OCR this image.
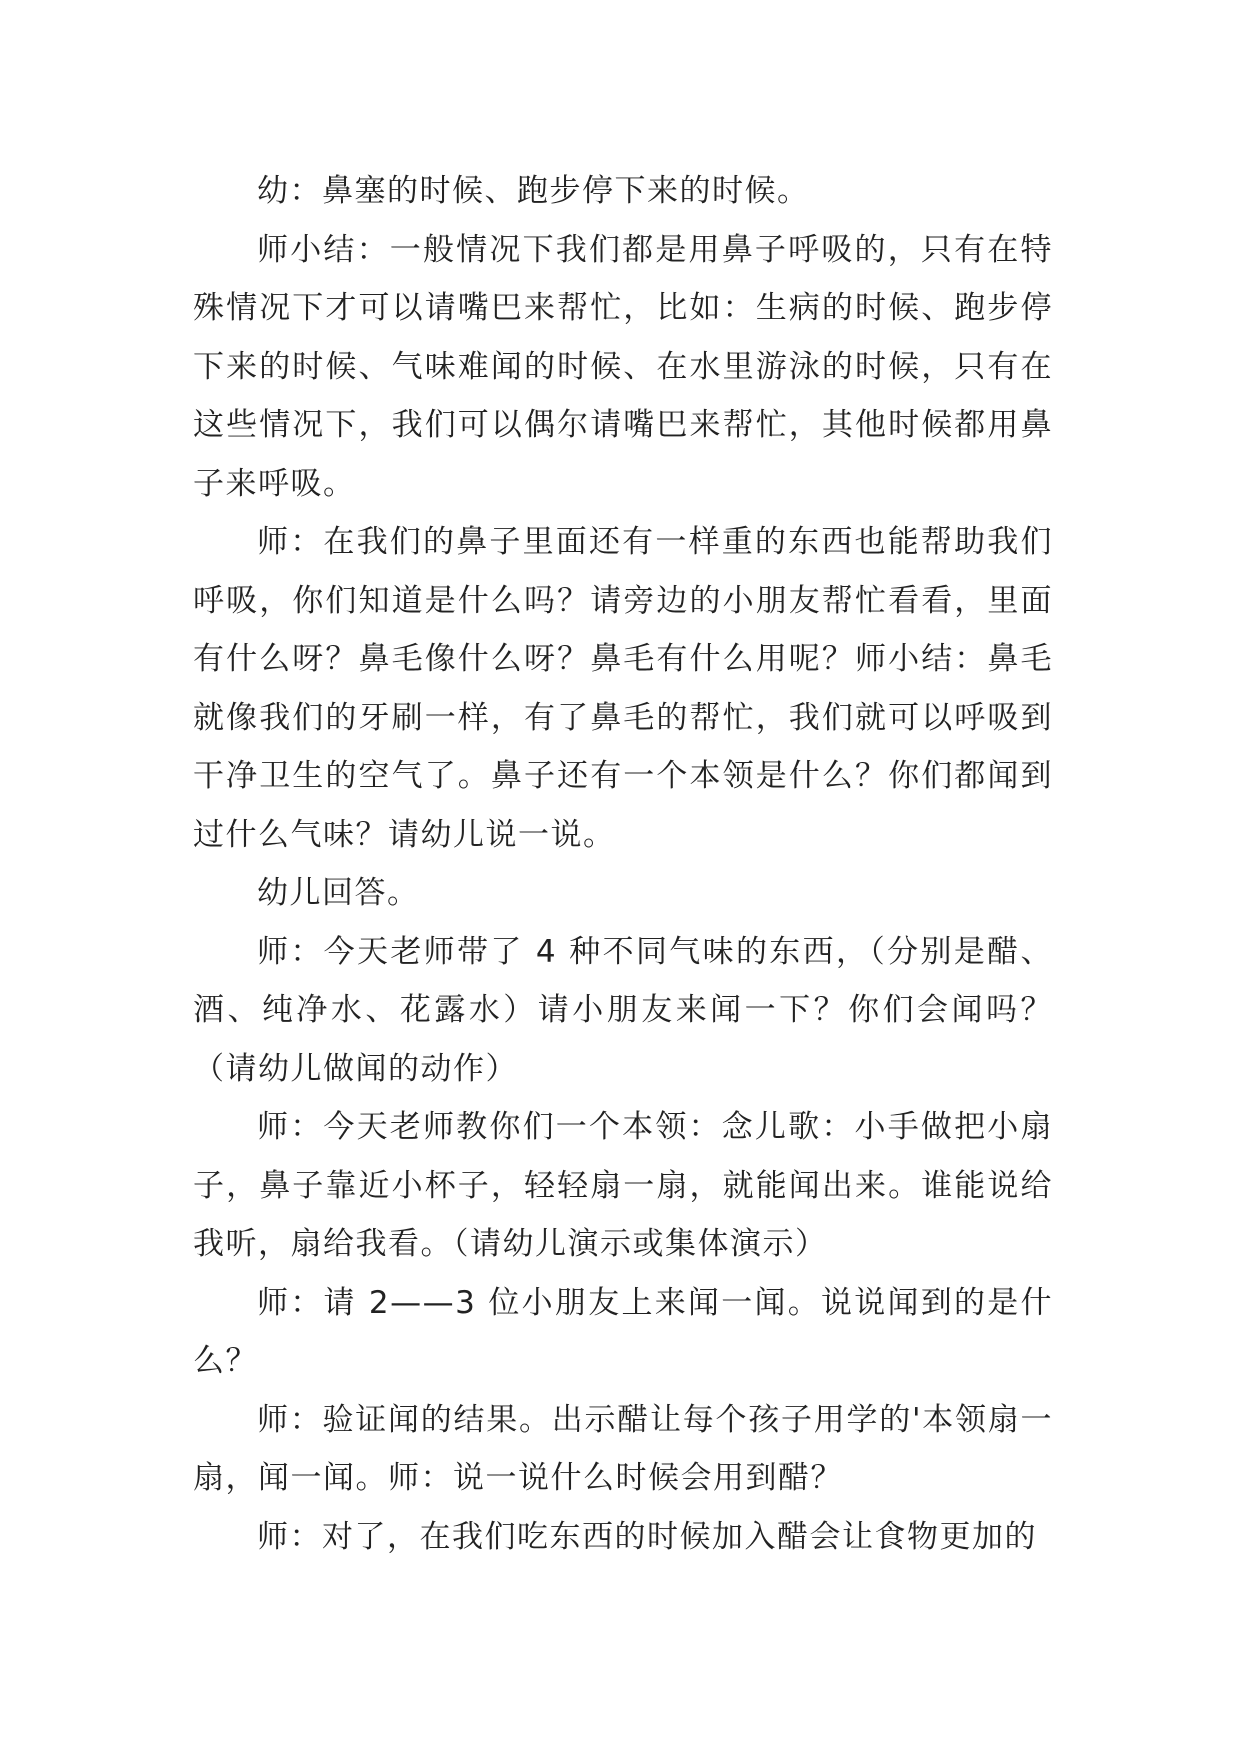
幼：鼻塞的时候、跑步停下来的时候。

师小结：一般情况下我们都是用鼻子呼吸的，只有在特殊情况下才可以请嘴巴来帮忙，比如：生病的时候、跑步停下来的时候、气味难闻的时候、在水里游泳的时候，只有在这些情况下，我们可以偶尔请嘴巴来帮忙，其他时候都用鼻子来呼吸。

师：在我们的鼻子里面还有一样重的东西也能帮助我们呼吸，你们知道是什么吗？请旁边的小朋友帮忙看看，里面有什么呀？鼻毛像什么呀？鼻毛有什么用呢？师小结：鼻毛就像我们的牙刷一样，有了鼻毛的帮忙，我们就可以呼吸到干净卫生的空气了。鼻子还有一个本领是什么？你们都闻到过什么气味？请幼儿说一说。

幼儿回答。

师：今天老师带了 4 种不同气味的东西，（分别是醋、酒、纯净水、花露水）请小朋友来闻一下？你们会闻吗？（请幼儿做闻的动作）

师：今天老师教你们一个本领：念儿歌：小手做把小扇子，鼻子靠近小杯子，轻轻扇一扇，就能闻出来。谁能说给我听，扇给我看。（请幼儿演示或集体演示）

师：请 2——3 位小朋友上来闻一闻。说说闻到的是什么？

师：验证闻的结果。出示醋让每个孩子用学的'本领扇一扇，闻一闻。师：说一说什么时候会用到醋？

师：对了，在我们吃东西的时候加入醋会让食物更加的
